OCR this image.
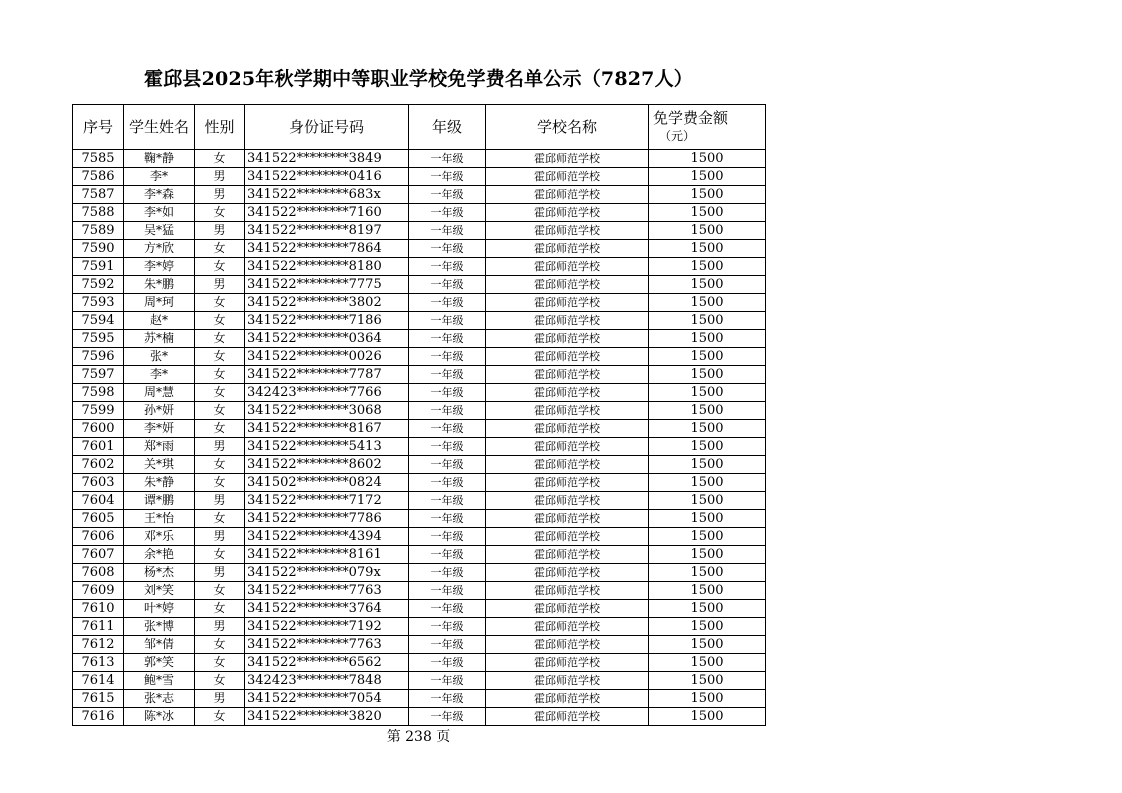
霍邱县2025年秋学期中等职业学校免学费名单公示（7827人）
序号	学生姓名	性别	身份证号码	年级	学校名称	免学费金额
（元）

7585	鞠*静	女	341522********3849	一年级	霍邱师范学校	1500
7586	李*	男	341522********0416	一年级	霍邱师范学校	1500
7587	李*森	男	341522********683x	一年级	霍邱师范学校	1500
7588	李*如	女	341522********7160	一年级	霍邱师范学校	1500
7589	吴*猛	男	341522********8197	一年级	霍邱师范学校	1500
7590	方*欣	女	341522********7864	一年级	霍邱师范学校	1500
7591	李*婷	女	341522********8180	一年级	霍邱师范学校	1500
7592	朱*鹏	男	341522********7775	一年级	霍邱师范学校	1500
7593	周*珂	女	341522********3802	一年级	霍邱师范学校	1500
7594	赵*	女	341522********7186	一年级	霍邱师范学校	1500
7595	苏*楠	女	341522********0364	一年级	霍邱师范学校	1500
7596	张*	女	341522********0026	一年级	霍邱师范学校	1500
7597	李*	女	341522********7787	一年级	霍邱师范学校	1500
7598	周*慧	女	342423********7766	一年级	霍邱师范学校	1500
7599	孙*妍	女	341522********3068	一年级	霍邱师范学校	1500
7600	李*妍	女	341522********8167	一年级	霍邱师范学校	1500
7601	郑*雨	男	341522********5413	一年级	霍邱师范学校	1500
7602	关*琪	女	341522********8602	一年级	霍邱师范学校	1500
7603	朱*静	女	341502********0824	一年级	霍邱师范学校	1500
7604	谭*鹏	男	341522********7172	一年级	霍邱师范学校	1500
7605	王*怡	女	341522********7786	一年级	霍邱师范学校	1500
7606	邓*乐	男	341522********4394	一年级	霍邱师范学校	1500
7607	余*艳	女	341522********8161	一年级	霍邱师范学校	1500
7608	杨*杰	男	341522********079x	一年级	霍邱师范学校	1500
7609	刘*笑	女	341522********7763	一年级	霍邱师范学校	1500
7610	叶*婷	女	341522********3764	一年级	霍邱师范学校	1500
7611	张*博	男	341522********7192	一年级	霍邱师范学校	1500
7612	邹*倩	女	341522********7763	一年级	霍邱师范学校	1500
7613	郭*笑	女	341522********6562	一年级	霍邱师范学校	1500
7614	鲍*雪	女	342423********7848	一年级	霍邱师范学校	1500
7615	张*志	男	341522********7054	一年级	霍邱师范学校	1500
7616	陈*冰	女	341522********3820	一年级	霍邱师范学校	1500
第 238 页
